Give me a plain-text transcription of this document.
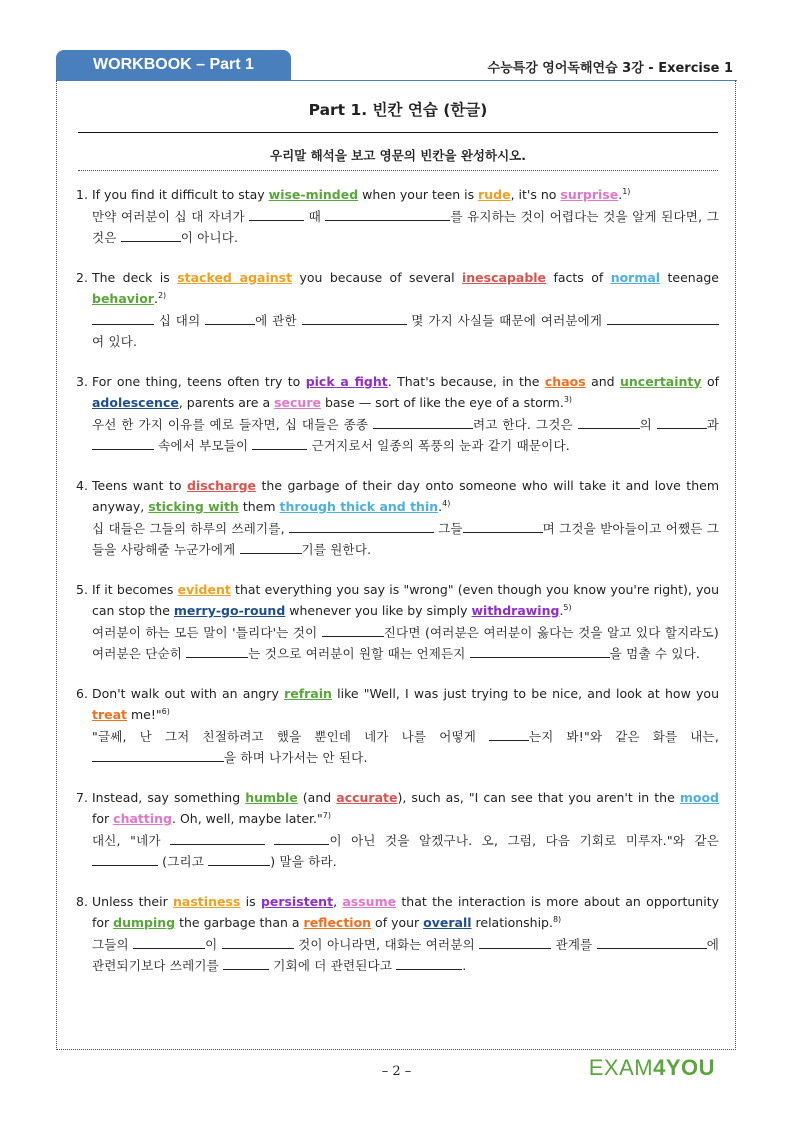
WORKBOOK – Part 1	수능특강 영어독해연습 3강 - Exercise 1
Part 1. 빈칸 연습 (한글)
우리말 해석을 보고 영문의 빈칸을 완성하시오.
1. If you find it difficult to stay wise-minded when your teen is rude, it's no surprise.$^{1)}$
만약 여러분이 십 대 자녀가	때	를 유지하는 것이 어렵다는 것을 알게 된다면, 그것은	이 아니다.
2. The deck is stacked against you because of several inescapable facts of normal teenage behavior.$^{2)}$
십 대의	에 관한	몇 가지 사실들 때문에 여러분에게 여 있다.
3. For one thing, teens often try to pick a fight. That's because, in the chaos and uncertainty of adolescence, parents are a secure base — sort of like the eye of a storm.$^{3)}$
우선 한 가지 이유를 예로 들자면, 십 대들은 종종	려고 한다. 그것은	의	과  속에서 부모들이	근거지로서 일종의 폭풍의 눈과 같기 때문이다.
4. Teens want to discharge the garbage of their day onto someone who will take it and love them anyway, sticking with them through thick and thin.$^{4)}$
십 대들은 그들의 하루의 쓰레기를,	그들	며 그것을 받아들이고 어쨌든 그들을 사랑해줄 누군가에게	기를 원한다.
5. If it becomes evident that everything you say is "wrong" (even though you know you're right), you can stop the merry-go-round whenever you like by simply withdrawing.$^{5)}$
여러분이 하는 모든 말이 '틀리다'는 것이	진다면 (여러분은 여러분이 옳다는 것을 알고 있다 할지라도) 여러분은 단순히	는 것으로 여러분이 원할 때는 언제든지	을 멈출 수 있다.
6. Don't walk out with an angry refrain like "Well, I was just trying to be nice, and look at how you treat me!"$^{6)}$
"글쎄, 난 그저 친절하려고 했을 뿐인데 네가 나를 어떻게	는지 봐!"와 같은 화를 내는, 을 하며 나가서는 안 된다.
7. Instead, say something humble (and accurate), such as, "I can see that you aren't in the mood for chatting. Oh, well, maybe later."$^{7)}$
대신, "네가	이 아닌 것을 알겠구나. 오, 그럼, 다음 기회로 미루자."와 같은  (그리고	) 말을 하라.
8. Unless their nastiness is persistent, assume that the interaction is more about an opportunity for dumping the garbage than a reflection of your overall relationship.$^{8)}$
그들의	이	것이 아니라면, 대화는 여러분의	관계를	에 관련되기보다 쓰레기를	기회에 더 관련된다고	.
– 2 –	EXAM 4YOU
